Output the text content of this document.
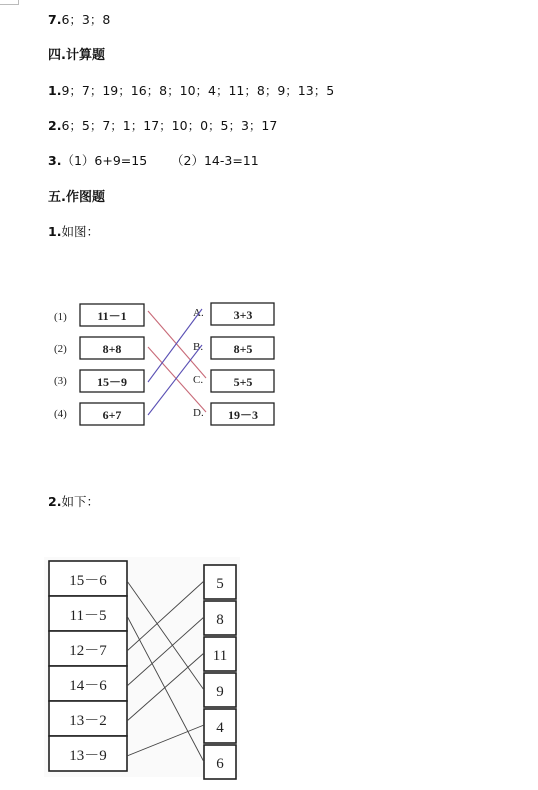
7.6；3；8
四.计算题
1.9；7；19；16；8；10；4；11；8；9；13；5
2.6；5；7；1；17；10；0；5；3；17
3.（1）6+9=15      （2）14-3=11
五.作图题
1.如图：
(1)
(2)
(3)
(4)
11－1
8+8
15－9
6+7
3+3
8+5
5+5
19－3
A.
B.
C.
D.
2.如下：
15－6
11－5
12－7
14－6
13－2
13－9
5
8
11
9
4
6
